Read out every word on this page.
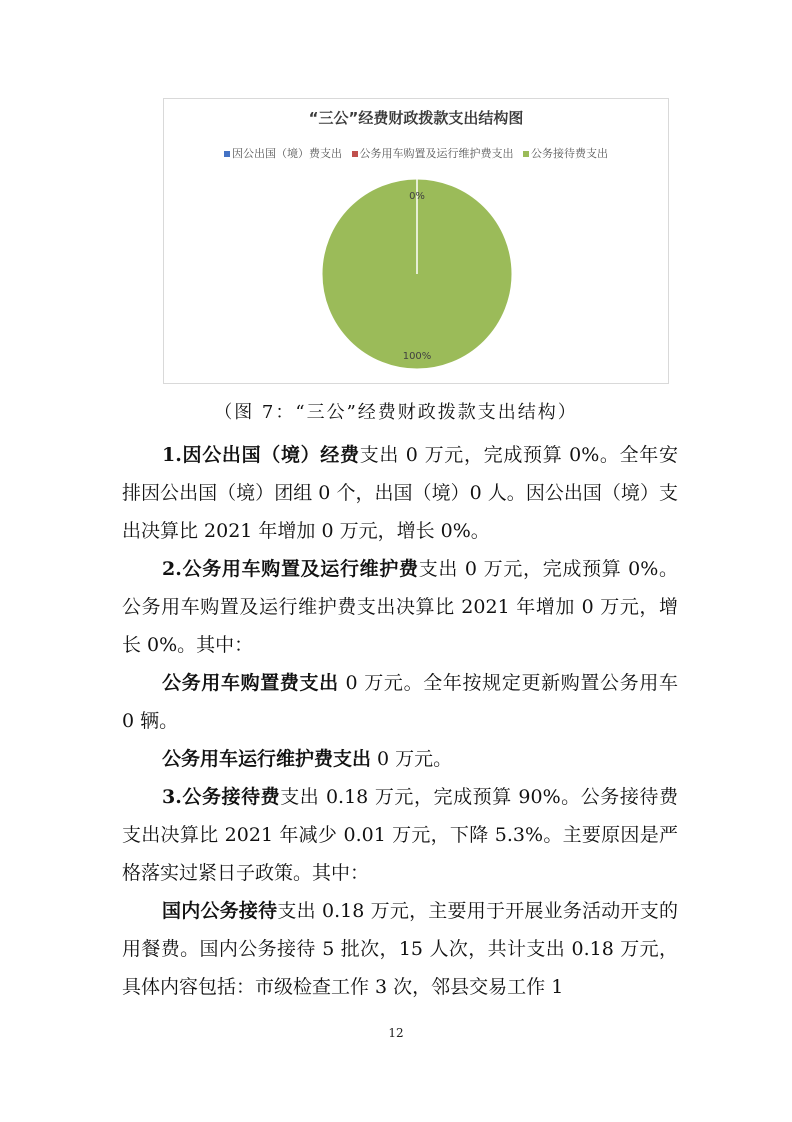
“三公”经费财政拨款支出结构图
因公出国（境）费支出 公务用车购置及运行维护费支出 公务接待费支出
0%
100%
（图 7：“三公”经费财政拨款支出结构）

1.因公出国（境）经费支出 0 万元，完成预算 0%。全年安排因公出国（境）团组 0 个，出国（境）0 人。因公出国（境）支出决算比 2021 年增加 0 万元，增长 0%。

2.公务用车购置及运行维护费支出 0 万元，完成预算 0%。公务用车购置及运行维护费支出决算比 2021 年增加 0 万元，增长 0%。其中：

公务用车购置费支出 0 万元。全年按规定更新购置公务用车 0 辆。

公务用车运行维护费支出 0 万元。

3.公务接待费支出 0.18 万元，完成预算 90%。公务接待费支出决算比 2021 年减少 0.01 万元，下降 5.3%。主要原因是严格落实过紧日子政策。其中：

国内公务接待支出 0.18 万元，主要用于开展业务活动开支的用餐费。国内公务接待 5 批次，15 人次，共计支出 0.18 万元，具体内容包括：市级检查工作 3 次，邻县交易工作 1

12
